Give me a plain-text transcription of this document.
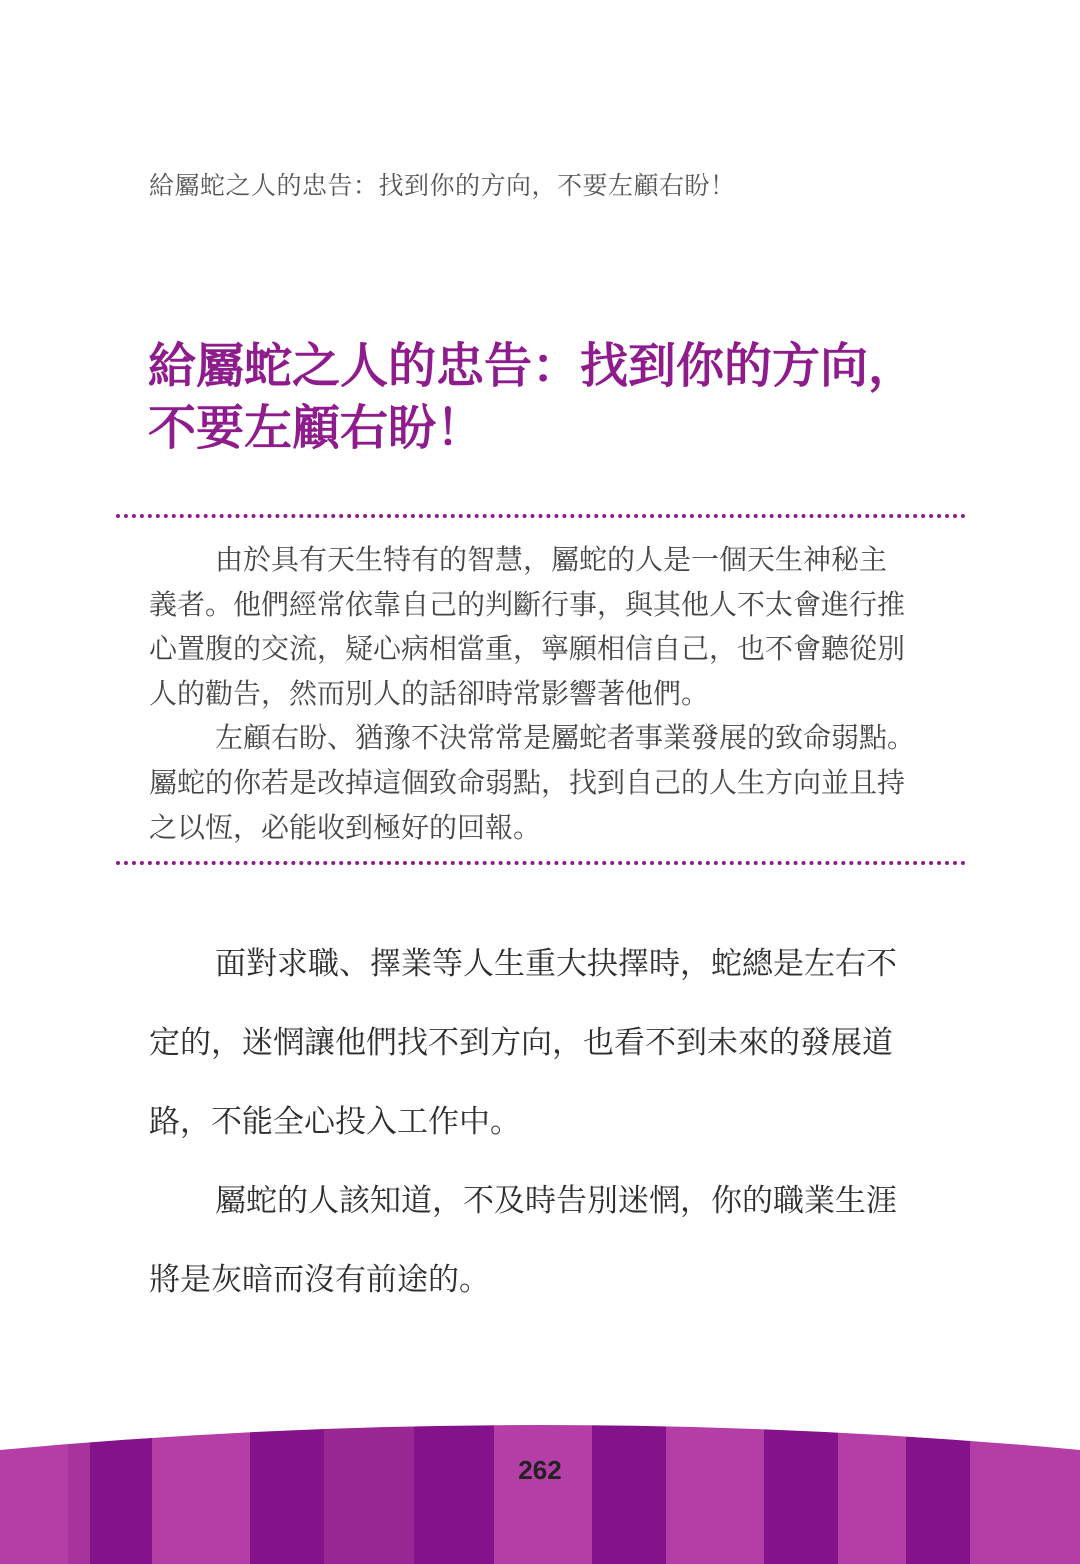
給屬蛇之人的忠告：找到你的方向，不要左顧右盼！
給屬蛇之人的忠告：找到你的方向，
不要左顧右盼！
由於具有天生特有的智慧，屬蛇的人是一個天生神秘主
義者。他們經常依靠自己的判斷行事，與其他人不太會進行推
心置腹的交流，疑心病相當重，寧願相信自己，也不會聽從別
人的勸告，然而別人的話卻時常影響著他們。
左顧右盼、猶豫不決常常是屬蛇者事業發展的致命弱點。
屬蛇的你若是改掉這個致命弱點，找到自己的人生方向並且持
之以恆，必能收到極好的回報。
面對求職、擇業等人生重大抉擇時，蛇總是左右不
定的，迷惘讓他們找不到方向，也看不到未來的發展道
路，不能全心投入工作中。
屬蛇的人該知道，不及時告別迷惘，你的職業生涯
將是灰暗而沒有前途的。
262
